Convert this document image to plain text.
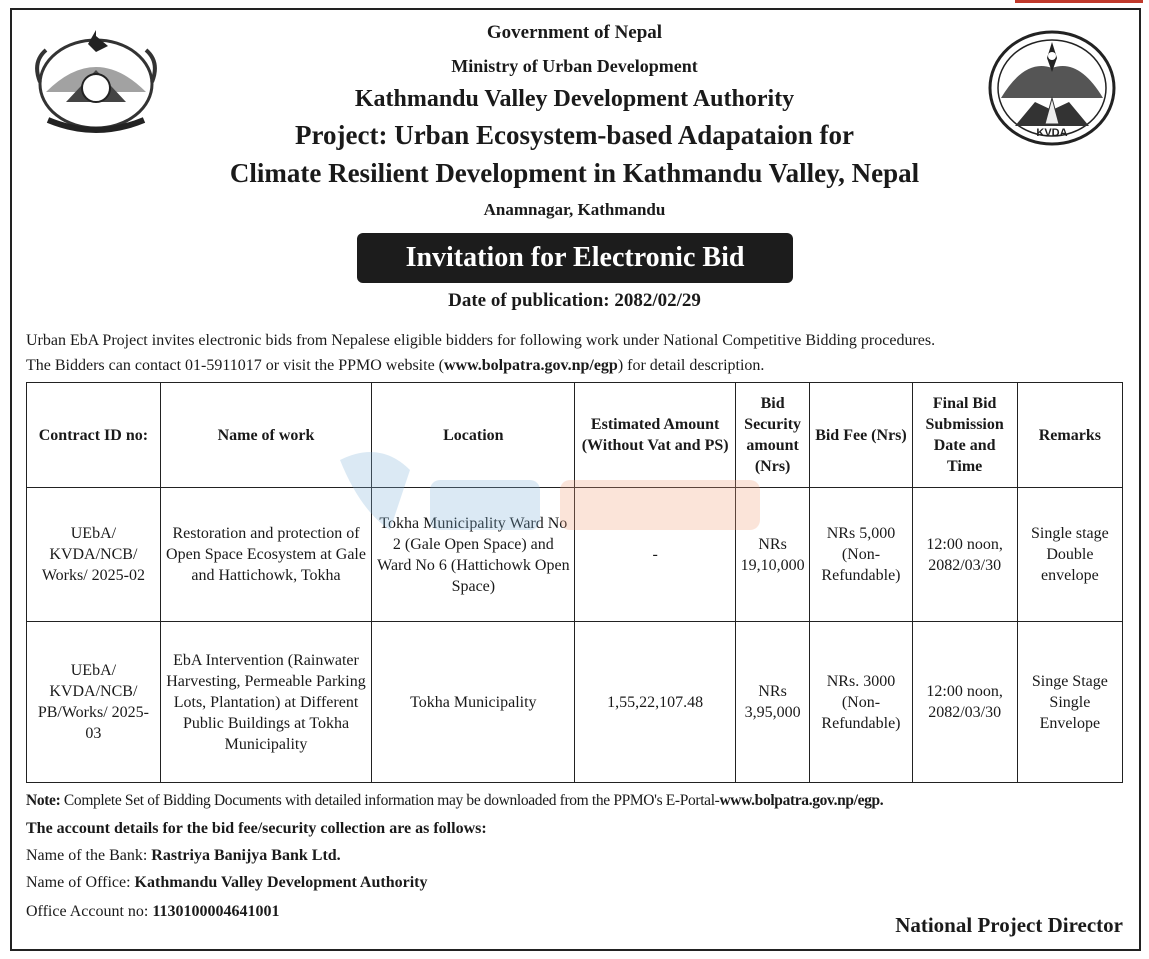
KVDA
Government of Nepal
Ministry of Urban Development
Kathmandu Valley Development Authority
Project: Urban Ecosystem-based Adapataion for
Climate Resilient Development in Kathmandu Valley, Nepal
Anamnagar, Kathmandu
Invitation for Electronic Bid
Date of publication: 2082/02/29
Urban EbA Project invites electronic bids from Nepalese eligible bidders for following work under National Competitive Bidding procedures.
The Bidders can contact 01-5911017 or visit the PPMO website (www.bolpatra.gov.np/egp) for detail description.
Contract ID no:	Name of work	Location	Estimated Amount (Without Vat and PS)	Bid Security amount (Nrs)	Bid Fee (Nrs)	Final Bid Submission Date and Time	Remarks
UEbA/ KVDA/NCB/ Works/ 2025-02	Restoration and protection of Open Space Ecosystem at Gale and Hattichowk, Tokha	Tokha Municipality Ward No 2 (Gale Open Space) and Ward No 6 (Hattichowk Open Space)	-	NRs 19,10,000	NRs 5,000 (Non-Refundable)	12:00 noon, 2082/03/30	Single stage Double envelope
UEbA/ KVDA/NCB/ PB/Works/ 2025-03	EbA Intervention (Rainwater Harvesting, Permeable Parking Lots, Plantation) at Different Public Buildings at Tokha Municipality	Tokha Municipality	1,55,22,107.48	NRs 3,95,000	NRs. 3000 (Non-Refundable)	12:00 noon, 2082/03/30	Singe Stage Single Envelope
Note: Complete Set of Bidding Documents with detailed information may be downloaded from the PPMO's E-Portal-www.bolpatra.gov.np/egp.
The account details for the bid fee/security collection are as follows:
Name of the Bank: Rastriya Banijya Bank Ltd.
Name of Office: Kathmandu Valley Development Authority
Office Account no: 1130100004641001
National Project Director
